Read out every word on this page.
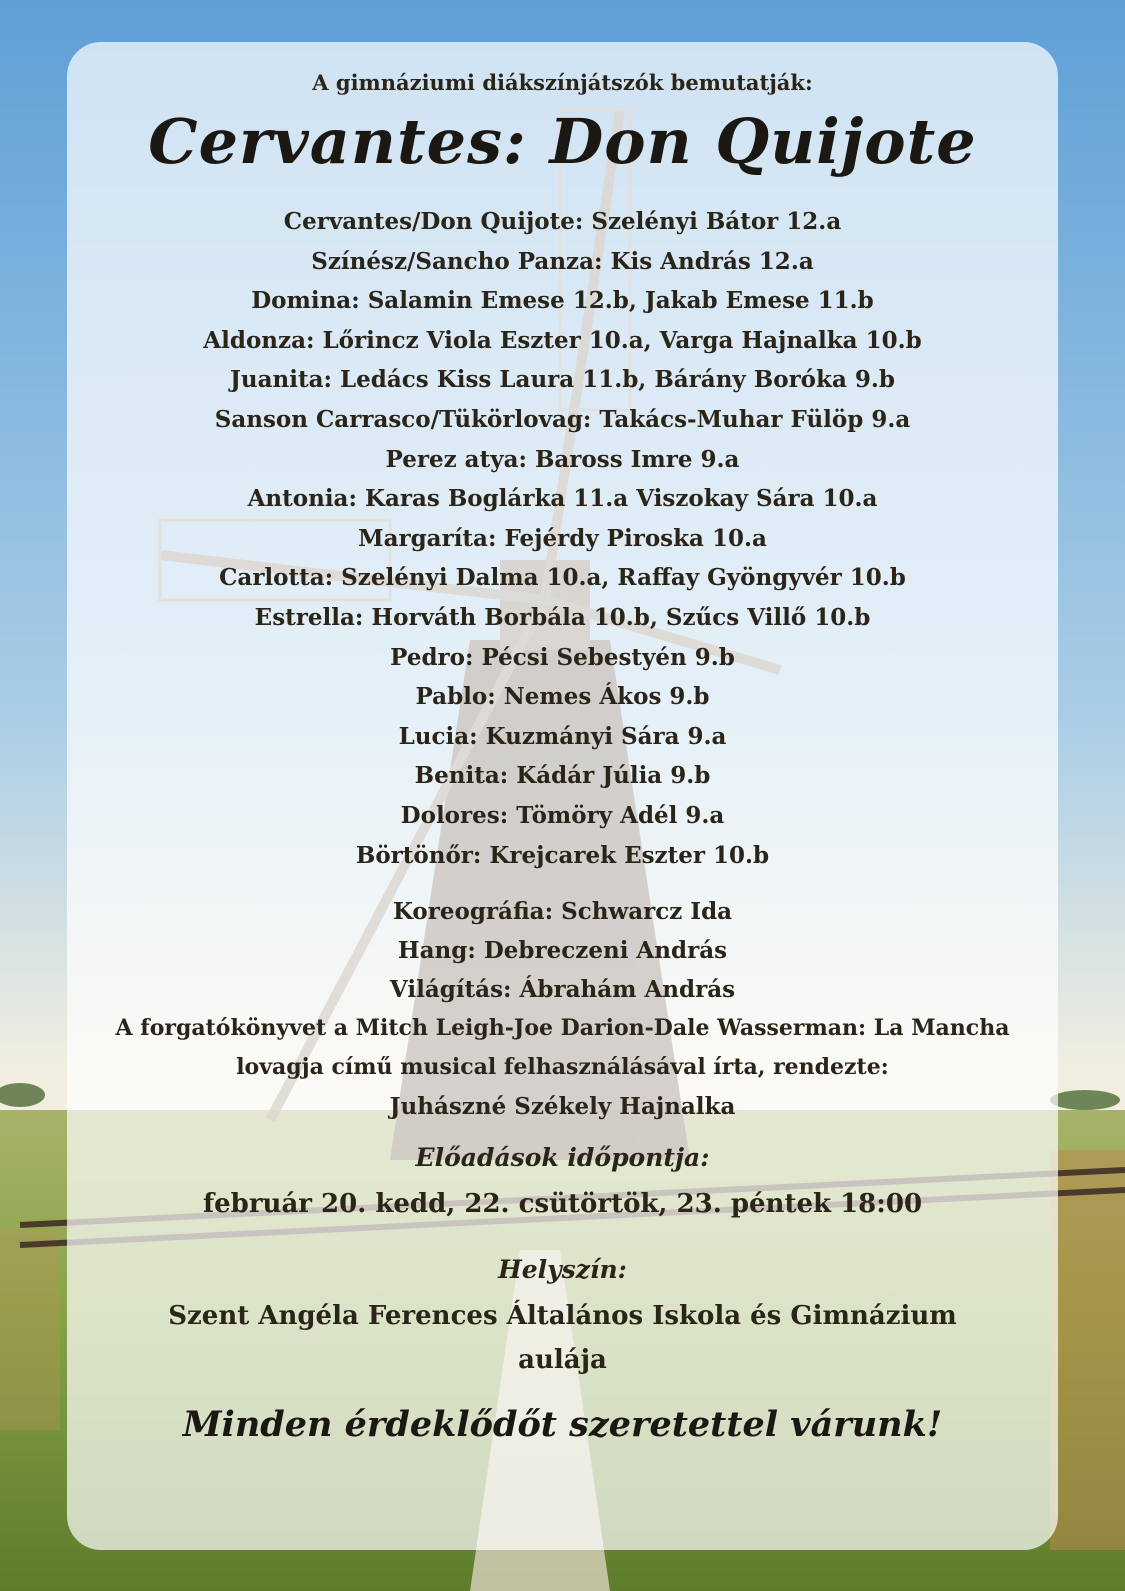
A gimnáziumi diákszínjátszók bemutatják:
Cervantes: Don Quijote
Cervantes/Don Quijote: Szelényi Bátor 12.a
Színész/Sancho Panza: Kis András 12.a
Domina: Salamin Emese 12.b, Jakab Emese 11.b
Aldonza: Lőrincz Viola Eszter 10.a, Varga Hajnalka 10.b
Juanita: Ledács Kiss Laura 11.b, Bárány Boróka 9.b
Sanson Carrasco/Tükörlovag: Takács-Muhar Fülöp 9.a
Perez atya: Baross Imre 9.a
Antonia: Karas Boglárka 11.a Viszokay Sára 10.a
Margaríta: Fejérdy Piroska 10.a
Carlotta: Szelényi Dalma 10.a, Raffay Gyöngyvér 10.b
Estrella: Horváth Borbála 10.b, Szűcs Villő 10.b
Pedro: Pécsi Sebestyén 9.b
Pablo: Nemes Ákos 9.b
Lucia: Kuzmányi Sára 9.a
Benita: Kádár Júlia 9.b
Dolores: Tömöry Adél 9.a
Börtönőr: Krejcarek Eszter 10.b
Koreográfia: Schwarcz Ida
Hang: Debreczeni András
Világítás: Ábrahám András
A forgatókönyvet a Mitch Leigh-Joe Darion-Dale Wasserman: La Mancha
lovagja című musical felhasználásával írta, rendezte:
Juhászné Székely Hajnalka
Előadások időpontja:
február 20. kedd, 22. csütörtök, 23. péntek 18:00
Helyszín:
Szent Angéla Ferences Általános Iskola és Gimnázium
aulája
Minden érdeklődőt szeretettel várunk!
